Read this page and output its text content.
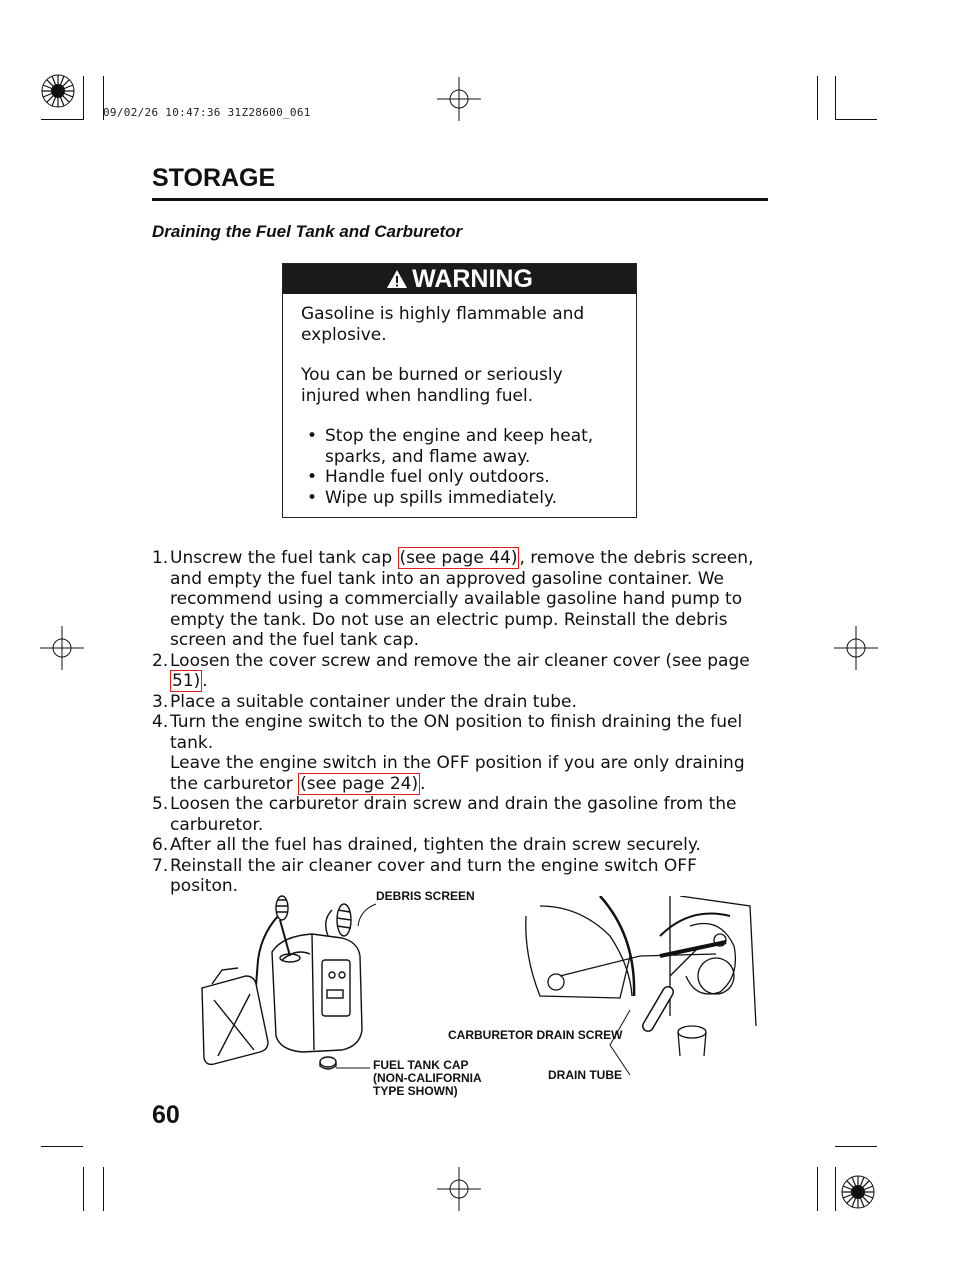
09/02/26 10:47:36 31Z28600_061
STORAGE
Draining the Fuel Tank and Carburetor
WARNING

Gasoline is highly flammable and explosive.

You can be burned or seriously injured when handling fuel.

• Stop the engine and keep heat, sparks, and flame away.
• Handle fuel only outdoors.
• Wipe up spills immediately.
1. Unscrew the fuel tank cap (see page 44) , remove the debris screen, and empty the fuel tank into an approved gasoline container. We recommend using a commercially available gasoline hand pump to empty the tank. Do not use an electric pump. Reinstall the debris screen and the fuel tank cap.
2. Loosen the cover screw and remove the air cleaner cover (see page 51) .
3. Place a suitable container under the drain tube.
4. Turn the engine switch to the ON position to finish draining the fuel tank.
Leave the engine switch in the OFF position if you are only draining the carburetor (see page 24) .
5. Loosen the carburetor drain screw and drain the gasoline from the carburetor.
6. After all the fuel has drained, tighten the drain screw securely.
7. Reinstall the air cleaner cover and turn the engine switch OFF positon.	DEBRIS SCREEN
FUEL TANK CAP
(NON-CALIFORNIA
TYPE SHOWN)
CARBURETOR DRAIN SCREW
DRAIN TUBE
60
